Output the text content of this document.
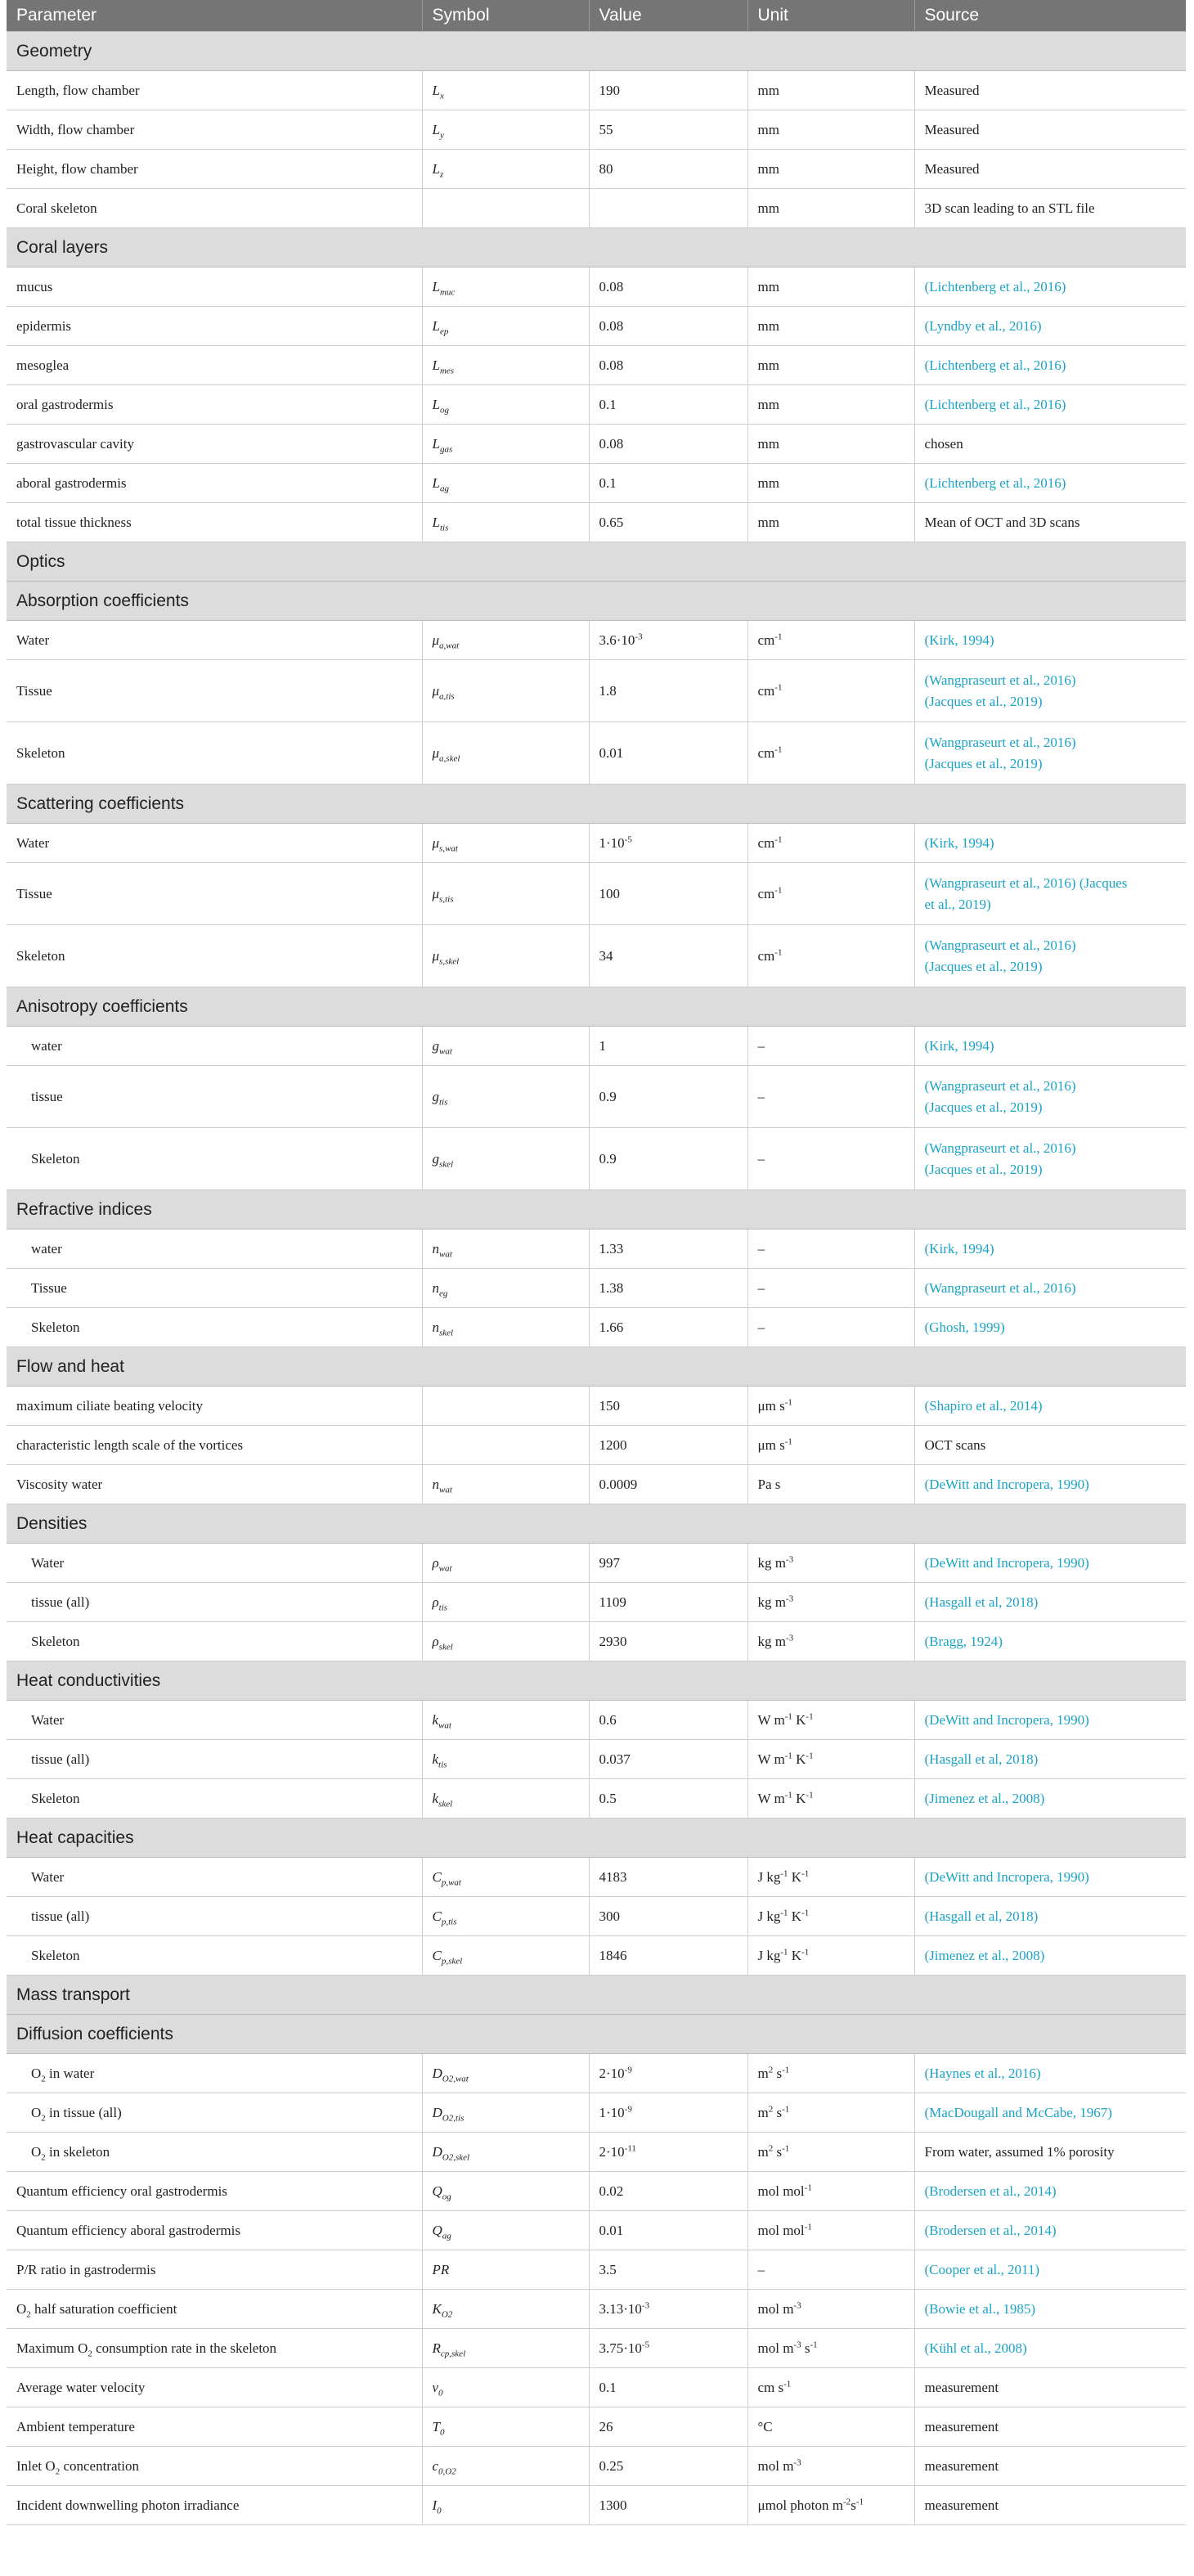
Parameter	Symbol	Value	Unit	Source
Geometry				
Length, flow chamber	$L_x$	190	mm	Measured
Width, flow chamber	$L_y$	55	mm	Measured
Height, flow chamber	$L_z$	80	mm	Measured
Coral skeleton			mm	3D scan leading to an STL file
Coral layers				
mucus	$L_{muc}$	0.08	mm	(Lichtenberg et al., 2016)
epidermis	$L_{ep}$	0.08	mm	(Lyndby et al., 2016)
mesoglea	$L_{mes}$	0.08	mm	(Lichtenberg et al., 2016)
oral gastrodermis	$L_{og}$	0.1	mm	(Lichtenberg et al., 2016)
gastrovascular cavity	$L_{gas}$	0.08	mm	chosen
aboral gastrodermis	$L_{ag}$	0.1	mm	(Lichtenberg et al., 2016)
total tissue thickness	$L_{tis}$	0.65	mm	Mean of OCT and 3D scans
Optics				
Absorption coefficients				
Water	$\mu_{a,wat}$	$3.6\cdot 10^{-3}$	$cm^{-1}$	(Kirk, 1994)
Tissue	$\mu_{a,tis}$	1.8	$cm^{-1}$	(Wangpraseurt et al., 2016)
(Jacques et al., 2019)
Skeleton	$\mu_{a,skel}$	0.01	$cm^{-1}$	(Wangpraseurt et al., 2016)
(Jacques et al., 2019)
Scattering coefficients				
Water	$\mu_{s,wat}$	$1\cdot 10^{-5}$	$cm^{-1}$	(Kirk, 1994)
Tissue	$\mu_{s,tis}$	100	$cm^{-1}$	(Wangpraseurt et al., 2016) (Jacques
et al., 2019)
Skeleton	$\mu_{s,skel}$	34	$cm^{-1}$	(Wangpraseurt et al., 2016)
(Jacques et al., 2019)
Anisotropy coefficients				
water	$g_{wat}$	1	–	(Kirk, 1994)
tissue	$g_{tis}$	0.9	–	(Wangpraseurt et al., 2016)
(Jacques et al., 2019)
Skeleton	$g_{skel}$	0.9	–	(Wangpraseurt et al., 2016)
(Jacques et al., 2019)
Refractive indices				
water	$n_{wat}$	1.33	–	(Kirk, 1994)
Tissue	$n_{eg}$	1.38	–	(Wangpraseurt et al., 2016)
Skeleton	$n_{skel}$	1.66	–	(Ghosh, 1999)
Flow and heat				
maximum ciliate beating velocity		150	μm $s^{-1}$	(Shapiro et al., 2014)
characteristic length scale of the vortices		1200	μm $s^{-1}$	OCT scans
Viscosity water	$n_{wat}$	0.0009	Pa s	(DeWitt and Incropera, 1990)
Densities				
Water	$\rho_{wat}$	997	kg $m^{-3}$	(DeWitt and Incropera, 1990)
tissue (all)	$\rho_{tis}$	1109	kg $m^{-3}$	(Hasgall et al, 2018)
Skeleton	$\rho_{skel}$	2930	kg $m^{-3}$	(Bragg, 1924)
Heat conductivities				
Water	$k_{wat}$	0.6	W $m^{-1}$ $K^{-1}$	(DeWitt and Incropera, 1990)
tissue (all)	$k_{tis}$	0.037	W $m^{-1}$ $K^{-1}$	(Hasgall et al, 2018)
Skeleton	$k_{skel}$	0.5	W $m^{-1}$ $K^{-1}$	(Jimenez et al., 2008)
Heat capacities				
Water	$C_{p,wat}$	4183	J $kg^{-1}$ $K^{-1}$	(DeWitt and Incropera, 1990)
tissue (all)	$C_{p,tis}$	300	J $kg^{-1}$ $K^{-1}$	(Hasgall et al, 2018)
Skeleton	$C_{p,skel}$	1846	J $kg^{-1}$ $K^{-1}$	(Jimenez et al., 2008)
Mass transport				
Diffusion coefficients				
$O_2$ in water	$D_{O2,wat}$	$2\cdot 10^{-9}$	$m^2$ $s^{-1}$	(Haynes et al., 2016)
$O_2$ in tissue (all)	$D_{O2,tis}$	$1\cdot 10^{-9}$	$m^2$ $s^{-1}$	(MacDougall and McCabe, 1967)
$O_2$ in skeleton	$D_{O2,skel}$	$2\cdot 10^{-11}$	$m^2$ $s^{-1}$	From water, assumed 1% porosity
Quantum efficiency oral gastrodermis	$Q_{og}$	0.02	mol mol$^{-1}$	(Brodersen et al., 2014)
Quantum efficiency aboral gastrodermis	$Q_{ag}$	0.01	mol mol$^{-1}$	(Brodersen et al., 2014)
P/R ratio in gastrodermis	PR	3.5	–	(Cooper et al., 2011)
$O_2$ half saturation coefficient	$K_{O2}$	$3.13\cdot 10^{-3}$	mol $m^{-3}$	(Bowie et al., 1985)
Maximum $O_2$ consumption rate in the skeleton	$R_{cp,skel}$	$3.75\cdot 10^{-5}$	mol $m^{-3}$ $s^{-1}$	(Kühl et al., 2008)
Average water velocity	$v_0$	0.1	cm $s^{-1}$	measurement
Ambient temperature	$T_0$	26	°C	measurement
Inlet $O_2$ concentration	$c_{0,O2}$	0.25	mol $m^{-3}$	measurement
Incident downwelling photon irradiance	$I_0$	1300	μmol photon $m^{-2}s^{-1}$	measurement
